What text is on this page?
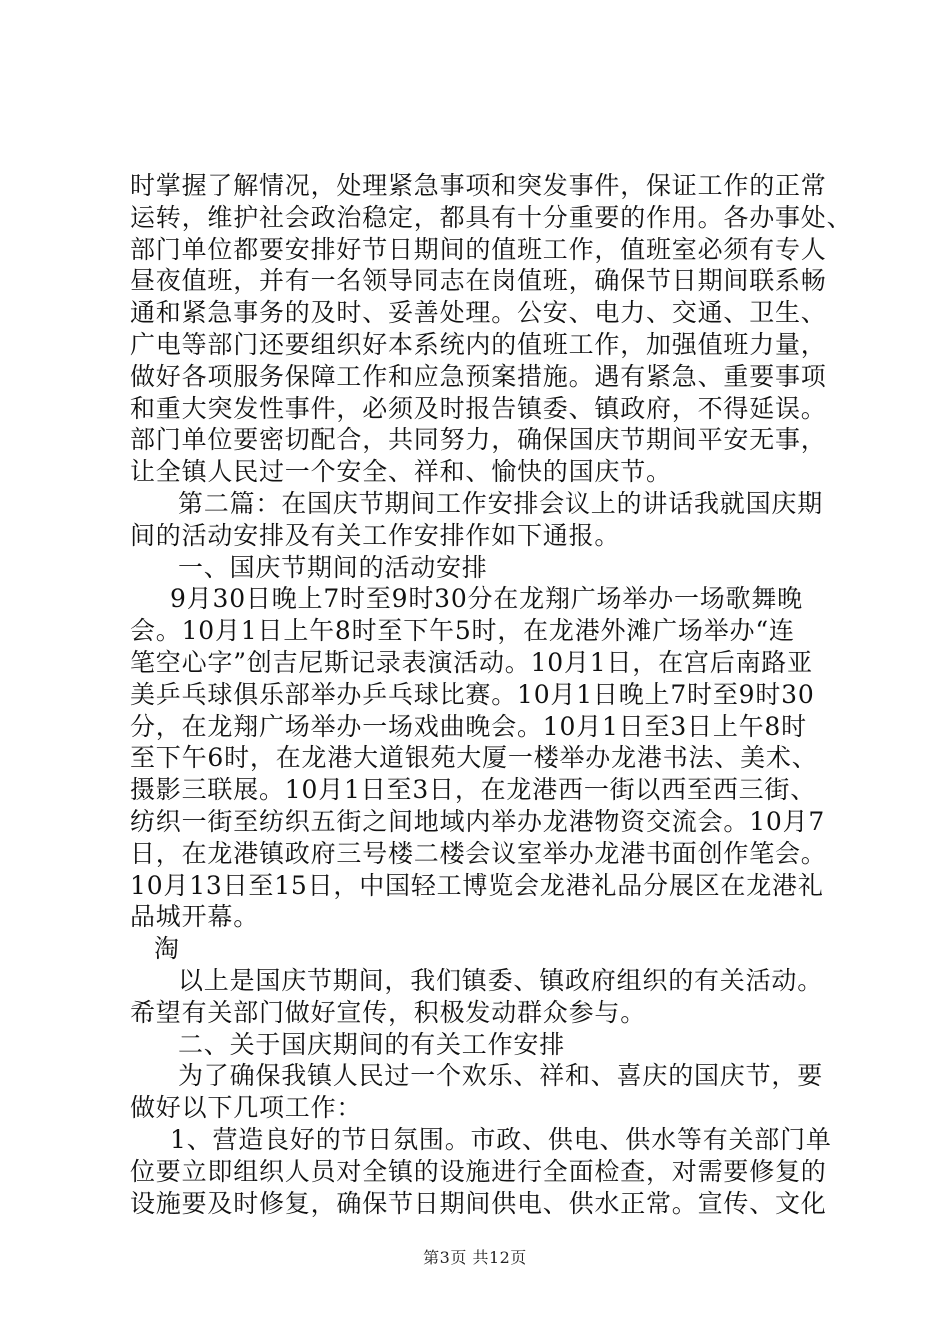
时掌握了解情况，处理紧急事项和突发事件，保证工作的正常

运转，维护社会政治稳定，都具有十分重要的作用。各办事处、

部门单位都要安排好节日期间的值班工作，值班室必须有专人

昼夜值班，并有一名领导同志在岗值班，确保节日期间联系畅

通和紧急事务的及时、妥善处理。公安、电力、交通、卫生、

广电等部门还要组织好本系统内的值班工作，加强值班力量，

做好各项服务保障工作和应急预案措施。遇有紧急、重要事项

和重大突发性事件，必须及时报告镇委、镇政府，不得延误。

部门单位要密切配合，共同努力，确保国庆节期间平安无事，

让全镇人民过一个安全、祥和、愉快的国庆节。

第二篇：在国庆节期间工作安排会议上的讲话我就国庆期

间的活动安排及有关工作安排作如下通报。

一、国庆节期间的活动安排

9月30日晚上7时至9时30分在龙翔广场举办一场歌舞晚

会。10月1日上午8时至下午5时，在龙港外滩广场举办“连

笔空心字”创吉尼斯记录表演活动。10月1日，在宫后南路亚

美乒乓球俱乐部举办乒乓球比赛。10月1日晚上7时至9时30

分，在龙翔广场举办一场戏曲晚会。10月1日至3日上午8时

至下午6时，在龙港大道银苑大厦一楼举办龙港书法、美术、

摄影三联展。10月1日至3日，在龙港西一街以西至西三街、

纺织一街至纺织五街之间地域内举办龙港物资交流会。10月7

日，在龙港镇政府三号楼二楼会议室举办龙港书面创作笔会。

10月13日至15日，中国轻工博览会龙港礼品分展区在龙港礼

品城开幕。

淘

以上是国庆节期间，我们镇委、镇政府组织的有关活动。

希望有关部门做好宣传，积极发动群众参与。

二、关于国庆期间的有关工作安排

为了确保我镇人民过一个欢乐、祥和、喜庆的国庆节，要

做好以下几项工作：

1、营造良好的节日氛围。市政、供电、供水等有关部门单

位要立即组织人员对全镇的设施进行全面检查，对需要修复的

设施要及时修复，确保节日期间供电、供水正常。宣传、文化

第3页 共12页
